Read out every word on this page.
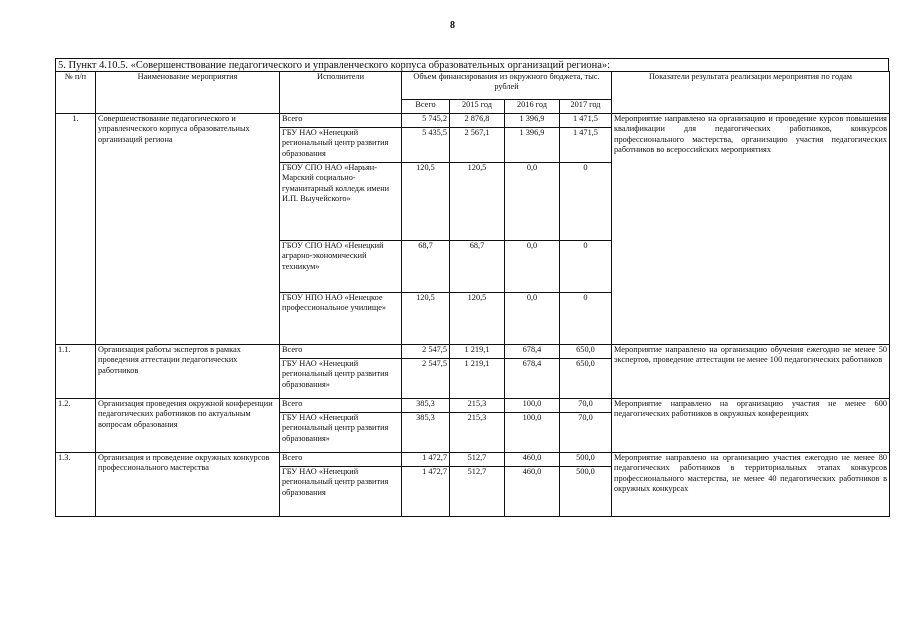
8
5. Пункт 4.10.5. «Совершенствование педагогического и управленческого корпуса образовательных организаций региона»:
№ п/п	Наименование мероприятия	Исполнители	Объем финансирования из окружного бюджета, тыс. рублей				Показатели результата реализации мероприятия по годам
			Всего	2015 год	2016 год	2017 год	
1.	Совершенствование педагогического и управленческого корпуса образовательных организаций региона	Всего	5 745,2	2 876,8	1 396,9	1 471,5	Мероприятие направлено на организацию и проведение курсов повышения квалификации для педагогических работников, конкурсов профессионального мастерства, организацию участия педагогических работников во всероссийских мероприятиях
		ГБУ НАО «Ненецкий региональный центр развития образования	5 435,5	2 567,1	1 396,9	1 471,5	
		ГБОУ СПО НАО «Нарьян-Марский социально-гуманитарный колледж имени И.П. Выучейского»	120,5	120,5	0,0	0	
		ГБОУ СПО НАО «Ненецкий аграрно-экономический техникум»	68,7	68,7	0,0	0	
		ГБОУ НПО НАО «Ненецкое профессиональное училище»	120,5	120,5	0,0	0	
1.1.	Организация работы экспертов в рамках проведения аттестации педагогических работников	Всего	2 547,5	1 219,1	678,4	650,0	Мероприятие направлено на организацию обучения ежегодно не менее 50 экспертов, проведение аттестации не менее 100 педагогических работников
		ГБУ НАО «Ненецкий региональный центр развития образования»	2 547,5	1 219,1	678,4	650,0	
1.2.	Организация проведения окружной конференции педагогических работников по актуальным вопросам образования	Всего	385,3	215,3	100,0	70,0	Мероприятие направлено на организацию участия не менее 600 педагогических работников в окружных конференциях
		ГБУ НАО «Ненецкий региональный центр развития образования»	385,3	215,3	100,0	70,0	
1.3.	Организация и проведение окружных конкурсов профессионального мастерства	Всего	1 472,7	512,7	460,0	500,0	Мероприятие направлено на организацию участия ежегодно не менее 80 педагогических работников в территориальных этапах конкурсов профессионального мастерства, не менее 40 педагогических работников в окружных конкурсах
		ГБУ НАО «Ненецкий региональный центр развития образования	1 472,7	512,7	460,0	500,0	
